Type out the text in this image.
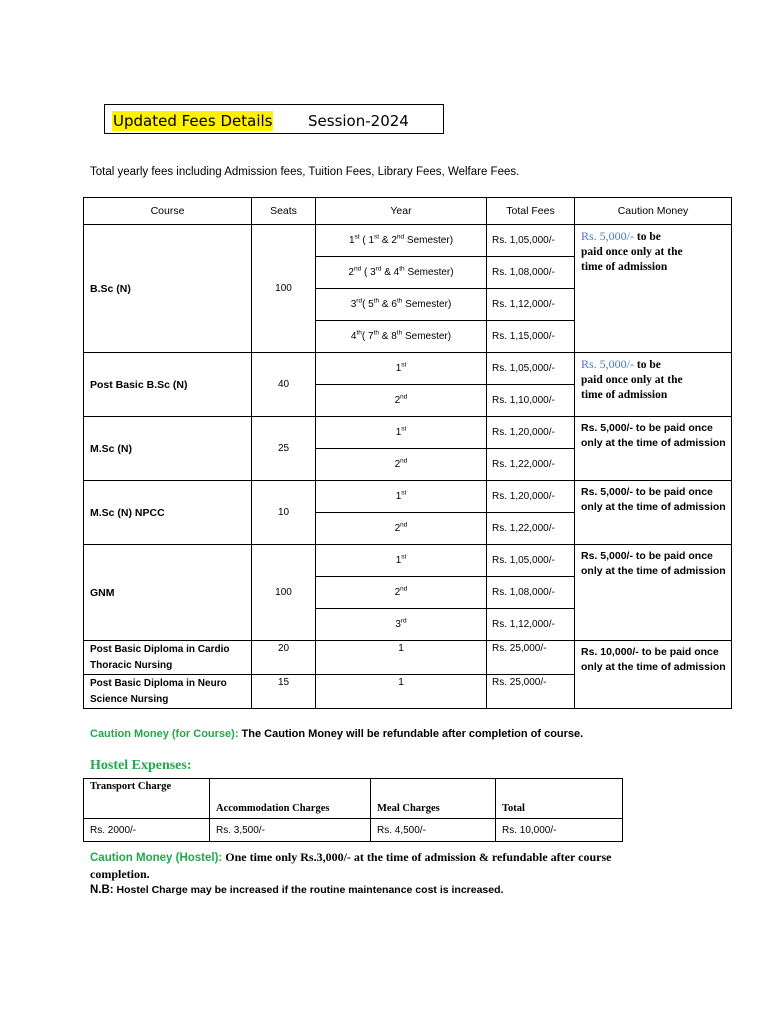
Updated Fees Details Session-2024
Total yearly fees including Admission fees, Tuition Fees, Library Fees, Welfare Fees.
Course	Seats	Year	Total Fees	Caution Money
B.Sc (N)	100	1st ( 1st & 2nd Semester)	Rs. 1,05,000/-	Rs. 5,000/- to be
paid once only at the
time of admission

		2nd ( 3rd & 4th Semester)	Rs. 1,08,000/-	
		3rd( 5th & 6th Semester)	Rs. 1,12,000/-	
		4th( 7th & 8th Semester)	Rs. 1,15,000/-	
Post Basic B.Sc (N)	40	1st	Rs. 1,05,000/-	Rs. 5,000/- to be
paid once only at the
time of admission
		2nd	Rs. 1,10,000/-	
M.Sc (N)	25	1st	Rs. 1,20,000/-	Rs. 5,000/- to be paid once only at the time of admission
		2nd	Rs. 1,22,000/-	
M.Sc (N) NPCC	10	1st	Rs. 1,20,000/-	Rs. 5,000/- to be paid once only at the time of admission
		2nd	Rs. 1,22,000/-	
GNM	100	1st	Rs. 1,05,000/-	Rs. 5,000/- to be paid once only at the time of admission
		2nd	Rs. 1,08,000/-	
		3rd	Rs. 1,12,000/-	
Post Basic Diploma in Cardio Thoracic Nursing	20	1	Rs. 25,000/-	Rs. 10,000/- to be paid once only at the time of admission
Post Basic Diploma in Neuro Science Nursing	15	1	Rs. 25,000/-	
Caution Money (for Course): The Caution Money will be refundable after completion of course.
Hostel Expenses:
Transport Charge	Accommodation Charges	Meal Charges	Total
Rs. 2000/-	Rs. 3,500/-	Rs. 4,500/-	Rs. 10,000/-
Caution Money (Hostel): One time only Rs.3,000/- at the time of admission & refundable after course completion.
N.B: Hostel Charge may be increased if the routine maintenance cost is increased.
